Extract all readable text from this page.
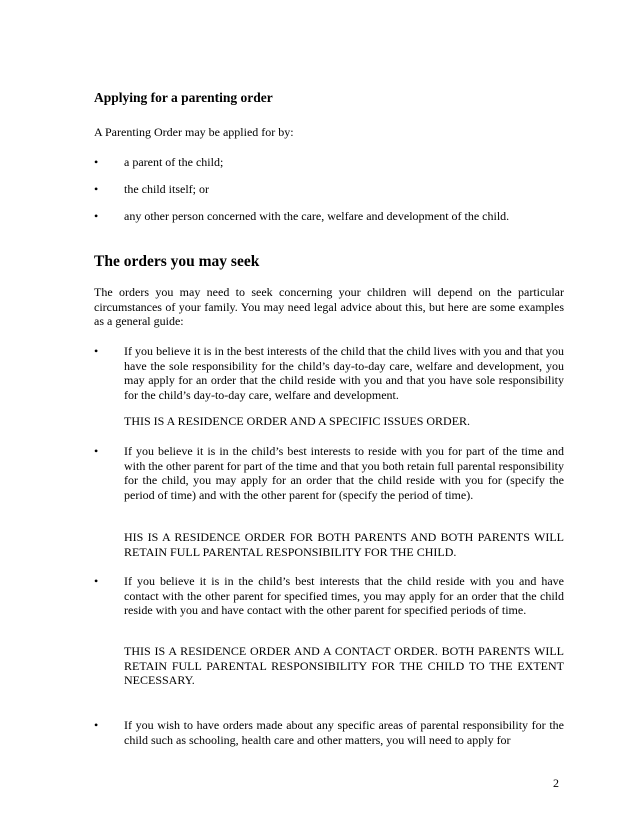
Applying for a parenting order
A Parenting Order may be applied for by:
• a parent of the child;
• the child itself; or
• any other person concerned with the care, welfare and development of the child.
The orders you may seek
The orders you may need to seek concerning your children will depend on the particular circumstances of your family. You may need legal advice about this, but here are some examples as a general guide:
• If you believe it is in the best interests of the child that the child lives with you and that you have the sole responsibility for the child’s day-to-day care, welfare and development, you may apply for an order that the child reside with you and that you have sole responsibility for the child’s day-to-day care, welfare and development.
THIS IS A RESIDENCE ORDER AND A SPECIFIC ISSUES ORDER.
• If you believe it is in the child’s best interests to reside with you for part of the time and with the other parent for part of the time and that you both retain full parental responsibility for the child, you may apply for an order that the child reside with you for (specify the period of time) and with the other parent for (specify the period of time).
HIS IS A RESIDENCE ORDER FOR BOTH PARENTS AND BOTH PARENTS WILL RETAIN FULL PARENTAL RESPONSIBILITY FOR THE CHILD.
• If you believe it is in the child’s best interests that the child reside with you and have contact with the other parent for specified times, you may apply for an order that the child reside with you and have contact with the other parent for specified periods of time.
THIS IS A RESIDENCE ORDER AND A CONTACT ORDER. BOTH PARENTS WILL RETAIN FULL PARENTAL RESPONSIBILITY FOR THE CHILD TO THE EXTENT NECESSARY.
• If you wish to have orders made about any specific areas of parental responsibility for the child such as schooling, health care and other matters, you will need to apply for
2
